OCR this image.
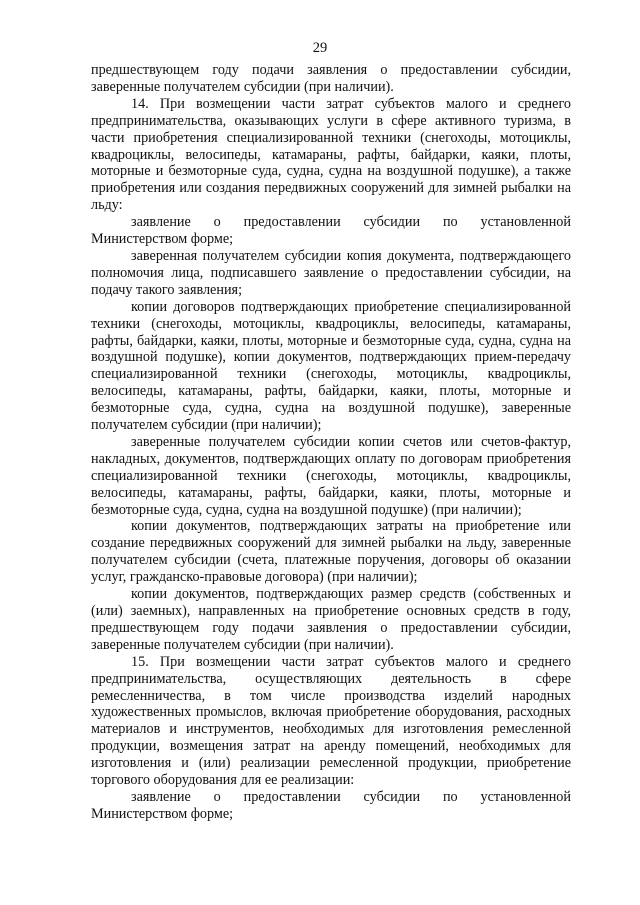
29

предшествующем году подачи заявления о предоставлении субсидии, заверенные получателем субсидии (при наличии).

14. При возмещении части затрат субъектов малого и среднего предпринимательства, оказывающих услуги в сфере активного туризма, в части приобретения специализированной техники (снегоходы, мотоциклы, квадроциклы, велосипеды, катамараны, рафты, байдарки, каяки, плоты, моторные и безмоторные суда, судна, судна на воздушной подушке), а также приобретения или создания передвижных сооружений для зимней рыбалки на льду:

заявление о предоставлении субсидии по установленной Министерством форме;

заверенная получателем субсидии копия документа, подтверждающего полномочия лица, подписавшего заявление о предоставлении субсидии, на подачу такого заявления;

копии договоров подтверждающих приобретение специализированной техники (снегоходы, мотоциклы, квадроциклы, велосипеды, катамараны, рафты, байдарки, каяки, плоты, моторные и безмоторные суда, судна, судна на воздушной подушке), копии документов, подтверждающих прием-передачу специализированной техники (снегоходы, мотоциклы, квадроциклы, велосипеды, катамараны, рафты, байдарки, каяки, плоты, моторные и безмоторные суда, судна, судна на воздушной подушке), заверенные получателем субсидии (при наличии);

заверенные получателем субсидии копии счетов или счетов-фактур, накладных, документов, подтверждающих оплату по договорам приобретения специализированной техники (снегоходы, мотоциклы, квадроциклы, велосипеды, катамараны, рафты, байдарки, каяки, плоты, моторные и безмоторные суда, судна, судна на воздушной подушке) (при наличии);

копии документов, подтверждающих затраты на приобретение или создание передвижных сооружений для зимней рыбалки на льду, заверенные получателем субсидии (счета, платежные поручения, договоры об оказании услуг, гражданско-правовые договора) (при наличии);

копии документов, подтверждающих размер средств (собственных и (или) заемных), направленных на приобретение основных средств в году, предшествующем году подачи заявления о предоставлении субсидии, заверенные получателем субсидии (при наличии).

15. При возмещении части затрат субъектов малого и среднего предпринимательства, осуществляющих деятельность в сфере ремесленничества, в том числе производства изделий народных художественных промыслов, включая приобретение оборудования, расходных материалов и инструментов, необходимых для изготовления ремесленной продукции, возмещения затрат на аренду помещений, необходимых для изготовления и (или) реализации ремесленной продукции, приобретение торгового оборудования для ее реализации:

заявление о предоставлении субсидии по установленной Министерством форме;
